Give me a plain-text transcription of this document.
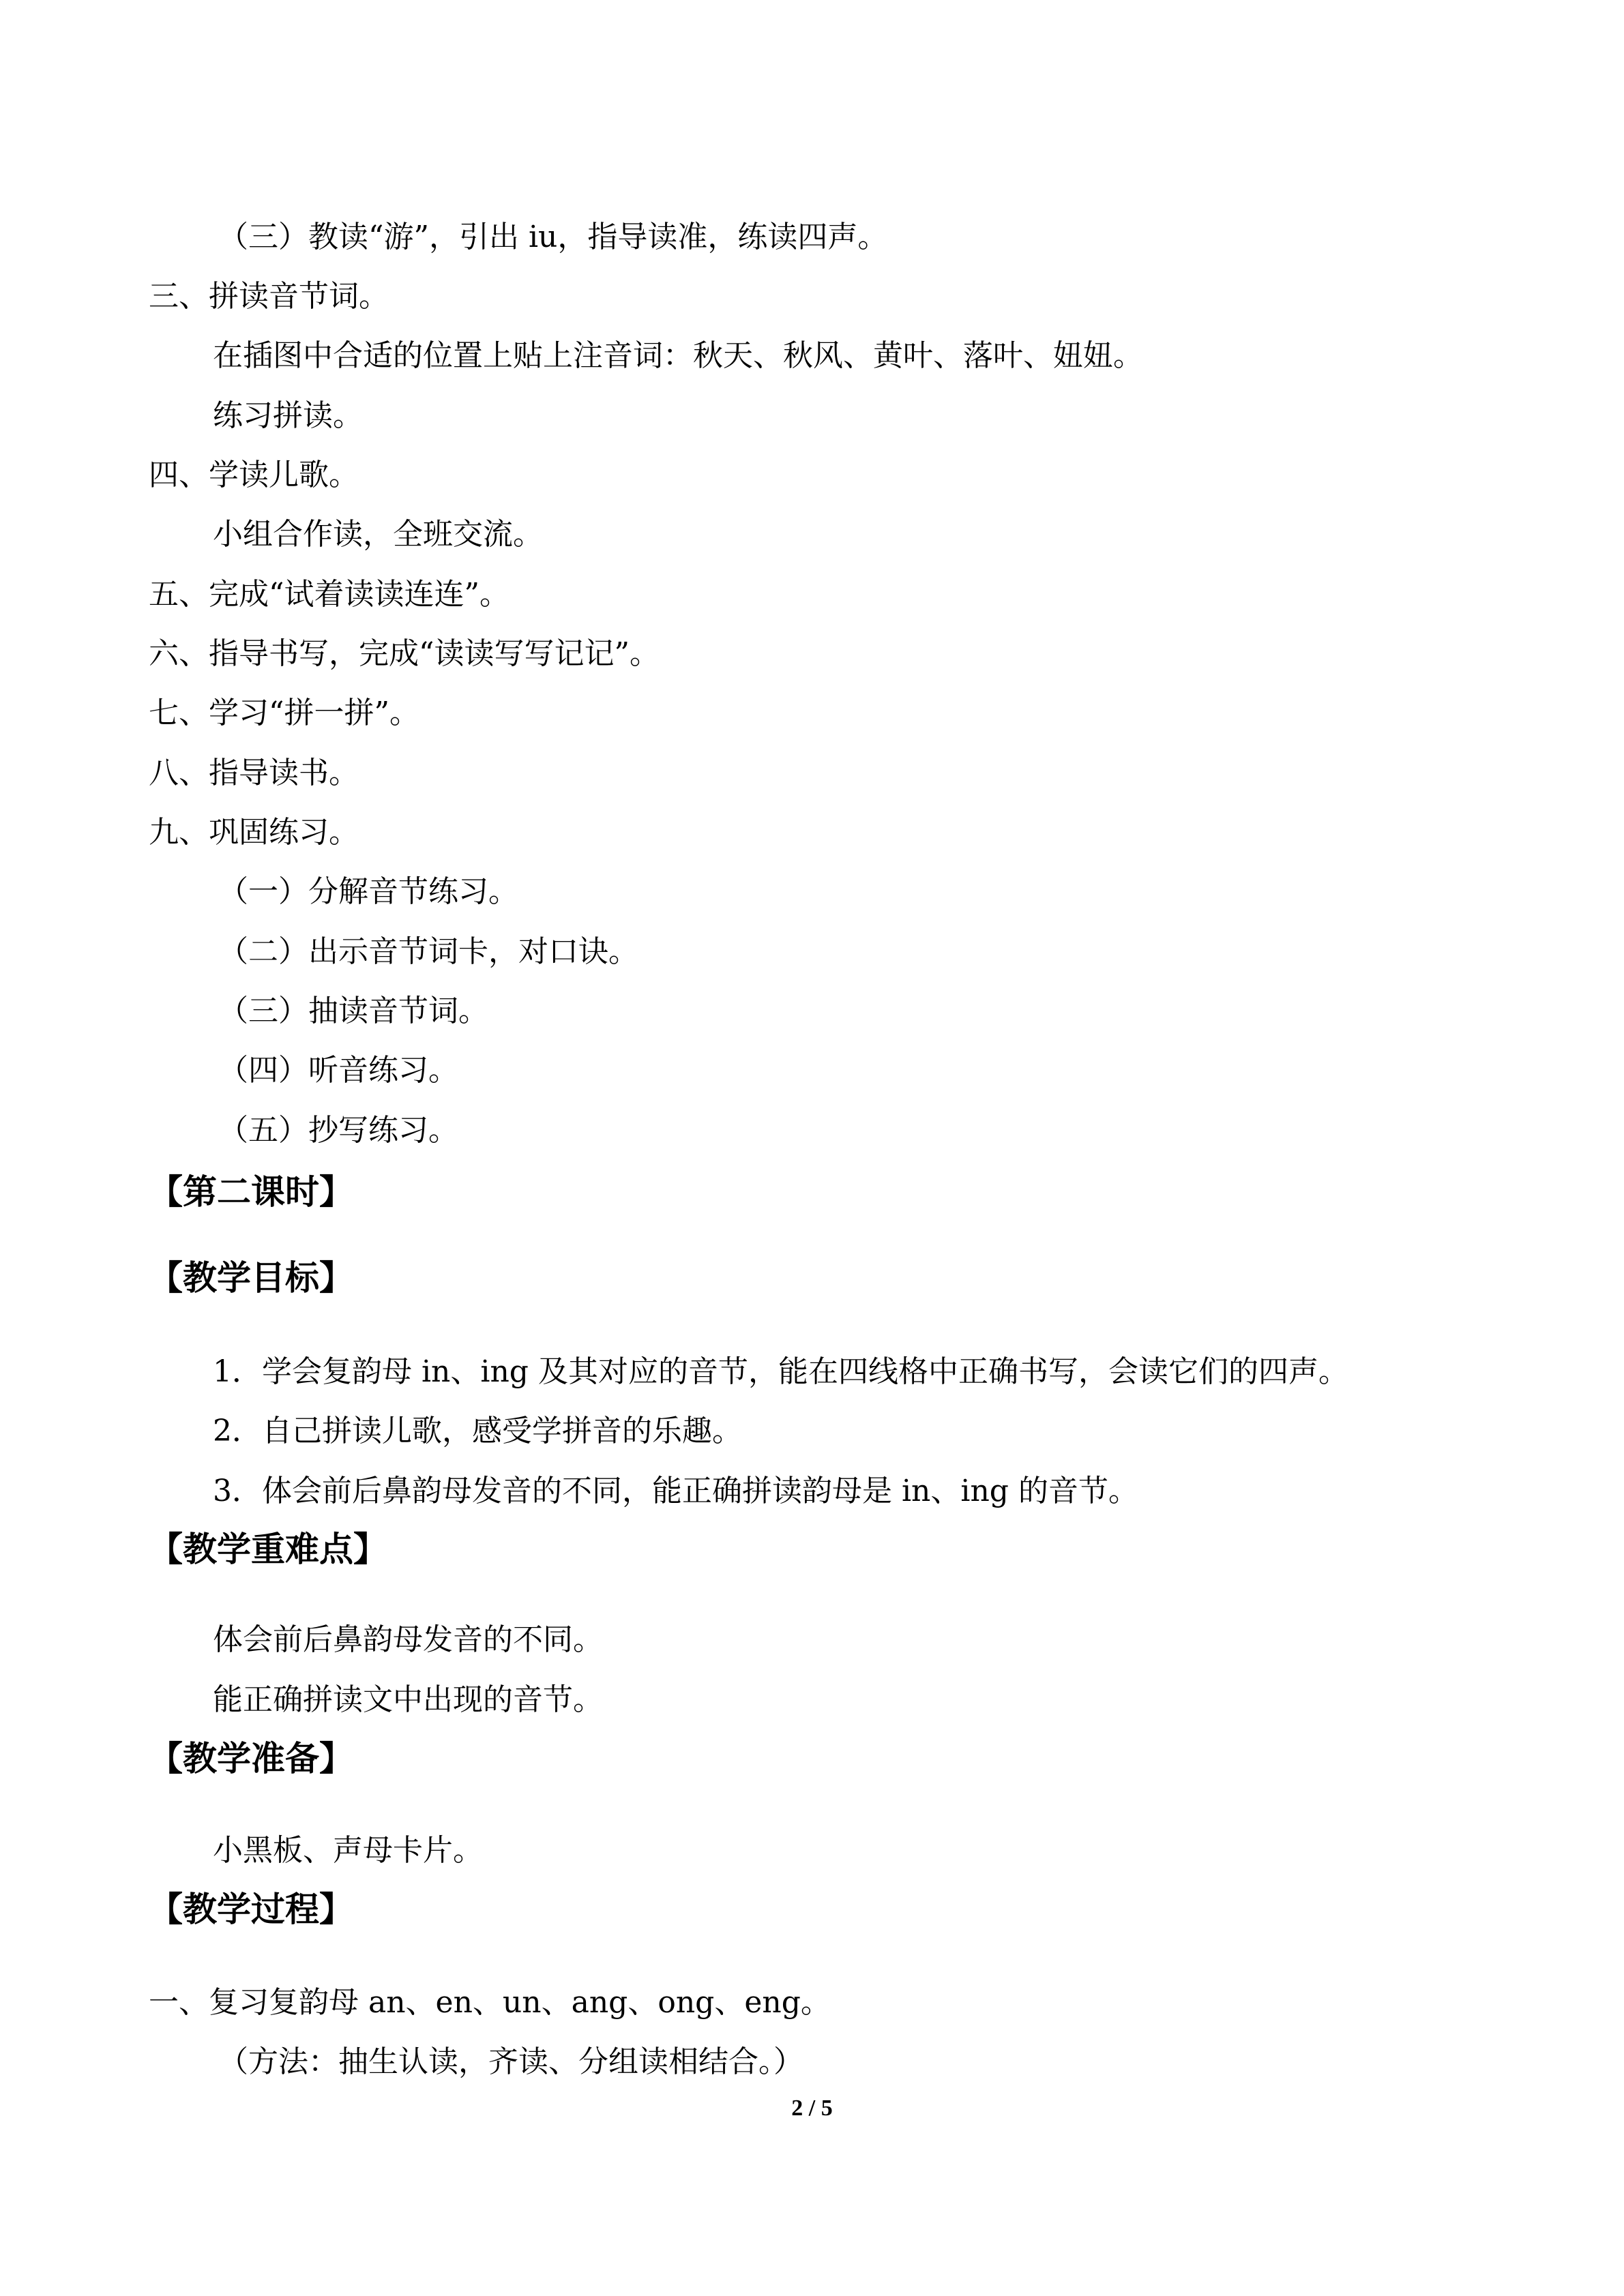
（三）教读“游”，引出 iu，指导读准，练读四声。
三、拼读音节词。
在插图中合适的位置上贴上注音词：秋天、秋风、黄叶、落叶、妞妞。
练习拼读。
四、学读儿歌。
小组合作读，全班交流。
五、完成“试着读读连连”。
六、指导书写，完成“读读写写记记”。
七、学习“拼一拼”。
八、指导读书。
九、巩固练习。
（一）分解音节练习。
（二）出示音节词卡，对口诀。
（三）抽读音节词。
（四）听音练习。
（五）抄写练习。
【第二课时】
【教学目标】
1．学会复韵母 in、ing 及其对应的音节，能在四线格中正确书写，会读它们的四声。
2．自己拼读儿歌，感受学拼音的乐趣。
3．体会前后鼻韵母发音的不同，能正确拼读韵母是 in、ing 的音节。
【教学重难点】
体会前后鼻韵母发音的不同。
能正确拼读文中出现的音节。
【教学准备】
小黑板、声母卡片。
【教学过程】
一、复习复韵母 an、en、un、ang、ong、eng。
（方法：抽生认读，齐读、分组读相结合。）
2 / 5
